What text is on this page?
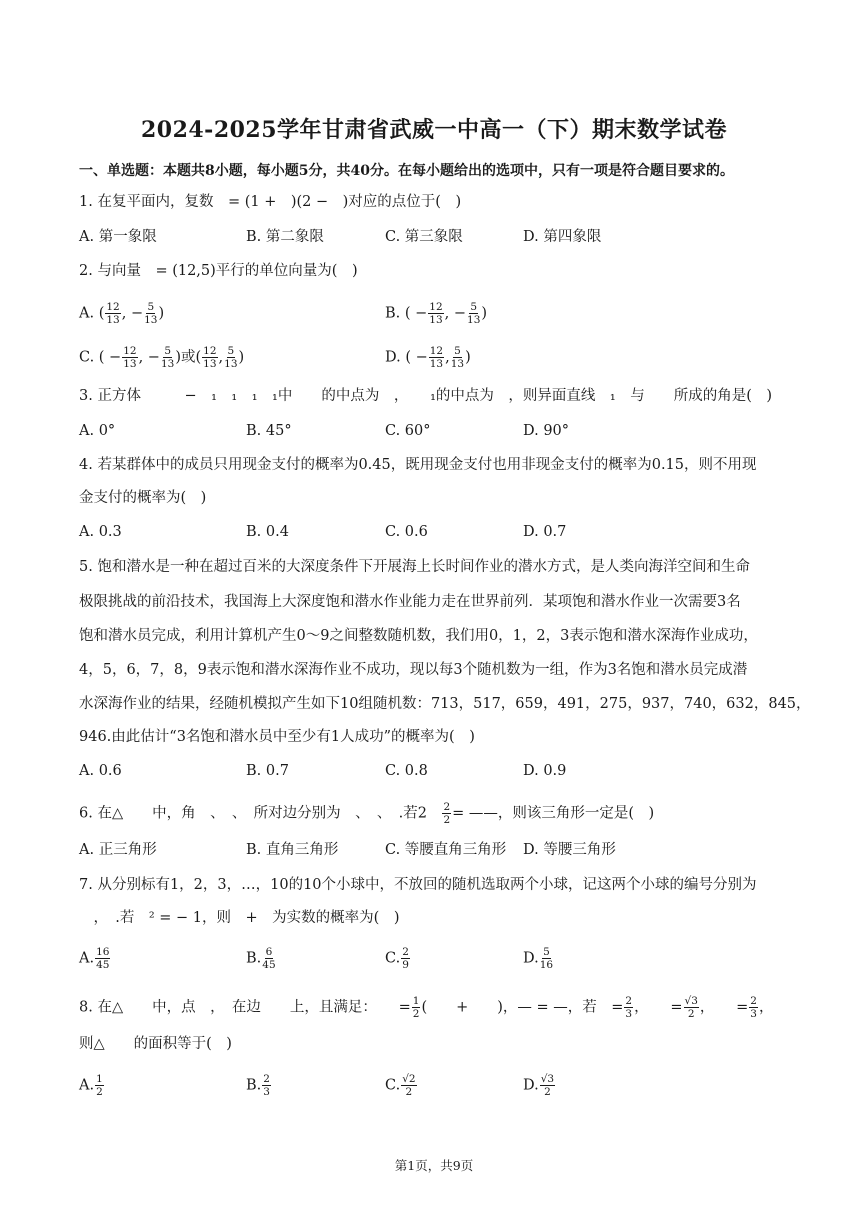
2024-2025学年甘肃省武威一中高一（下）期末数学试卷
一、单选题：本题共8小题，每小题5分，共40分。在每小题给出的选项中，只有一项是符合题目要求的。
1. 在复平面内，复数　= (1 +　)(2 −　)对应的点位于(　)
A. 第一象限	B. 第二象限	C. 第三象限	D. 第四象限
2. 与向量　= (12,5)平行的单位向量为(　)
A. ( $\frac{12}{13}$ , − $\frac{5}{13}$ )	B. ( − $\frac{12}{13}$ , − $\frac{5}{13}$ )
C. ( − $\frac{12}{13}$ , − $\frac{5}{13}$ )或( $\frac{12}{13}$ , $\frac{5}{13}$ )	D. ( − $\frac{12}{13}$ , $\frac{5}{13}$ )
3. 正方体　　　−　₁　₁　₁　₁中　　的中点为　，　　₁的中点为　，则异面直线　₁　与　　所成的角是(　)
A. 0°	B. 45°	C. 60°	D. 90°
4. 若某群体中的成员只用现金支付的概率为0.45，既用现金支付也用非现金支付的概率为0.15，则不用现
金支付的概率为(　)
A. 0.3	B. 0.4	C. 0.6	D. 0.7
5. 饱和潜水是一种在超过百米的大深度条件下开展海上长时间作业的潜水方式，是人类向海洋空间和生命
极限挑战的前沿技术，我国海上大深度饱和潜水作业能力走在世界前列．某项饱和潜水作业一次需要3名
饱和潜水员完成，利用计算机产生0～9之间整数随机数，我们用0，1，2，3表示饱和潜水深海作业成功，
4，5，6，7，8，9表示饱和潜水深海作业不成功，现以每3个随机数为一组，作为3名饱和潜水员完成潜
水深海作业的结果，经随机模拟产生如下10组随机数：713，517，659，491，275，937，740，632，845，
946.由此估计“3名饱和潜水员中至少有1人成功”的概率为(　)
A. 0.6	B. 0.7	C. 0.8	D. 0.9
6. 在△　　中，角　、　、　所对边分别为　、　、　.若2　 $\frac{2}{2}$ = ——，则该三角形一定是(　)
A. 正三角形	B. 直角三角形	C. 等腰直角三角形 D. 等腰三角形
7. 从分别标有1，2，3，…，10的10个小球中，不放回的随机选取两个小球，记这两个小球的编号分别为
　，　.若　² = − 1，则　+　为实数的概率为(　)
A. $\frac{16}{45}$	B. $\frac{6}{45}$	C. $\frac{2}{9}$	D. $\frac{5}{16}$
8. 在△　　中，点　，　在边　　上，且满足：　　= $\frac{1}{2}$ (　　+　　)，— = —，若　= $\frac{2}{3}$ ，　　= $\frac{√3}{2}$ ，　　= $\frac{2}{3}$ ，
则△　　的面积等于(　)
A. $\frac{1}{2}$	B. $\frac{2}{3}$	C. $\frac{√2}{2}$	D. $\frac{√3}{2}$
第1页，共9页
